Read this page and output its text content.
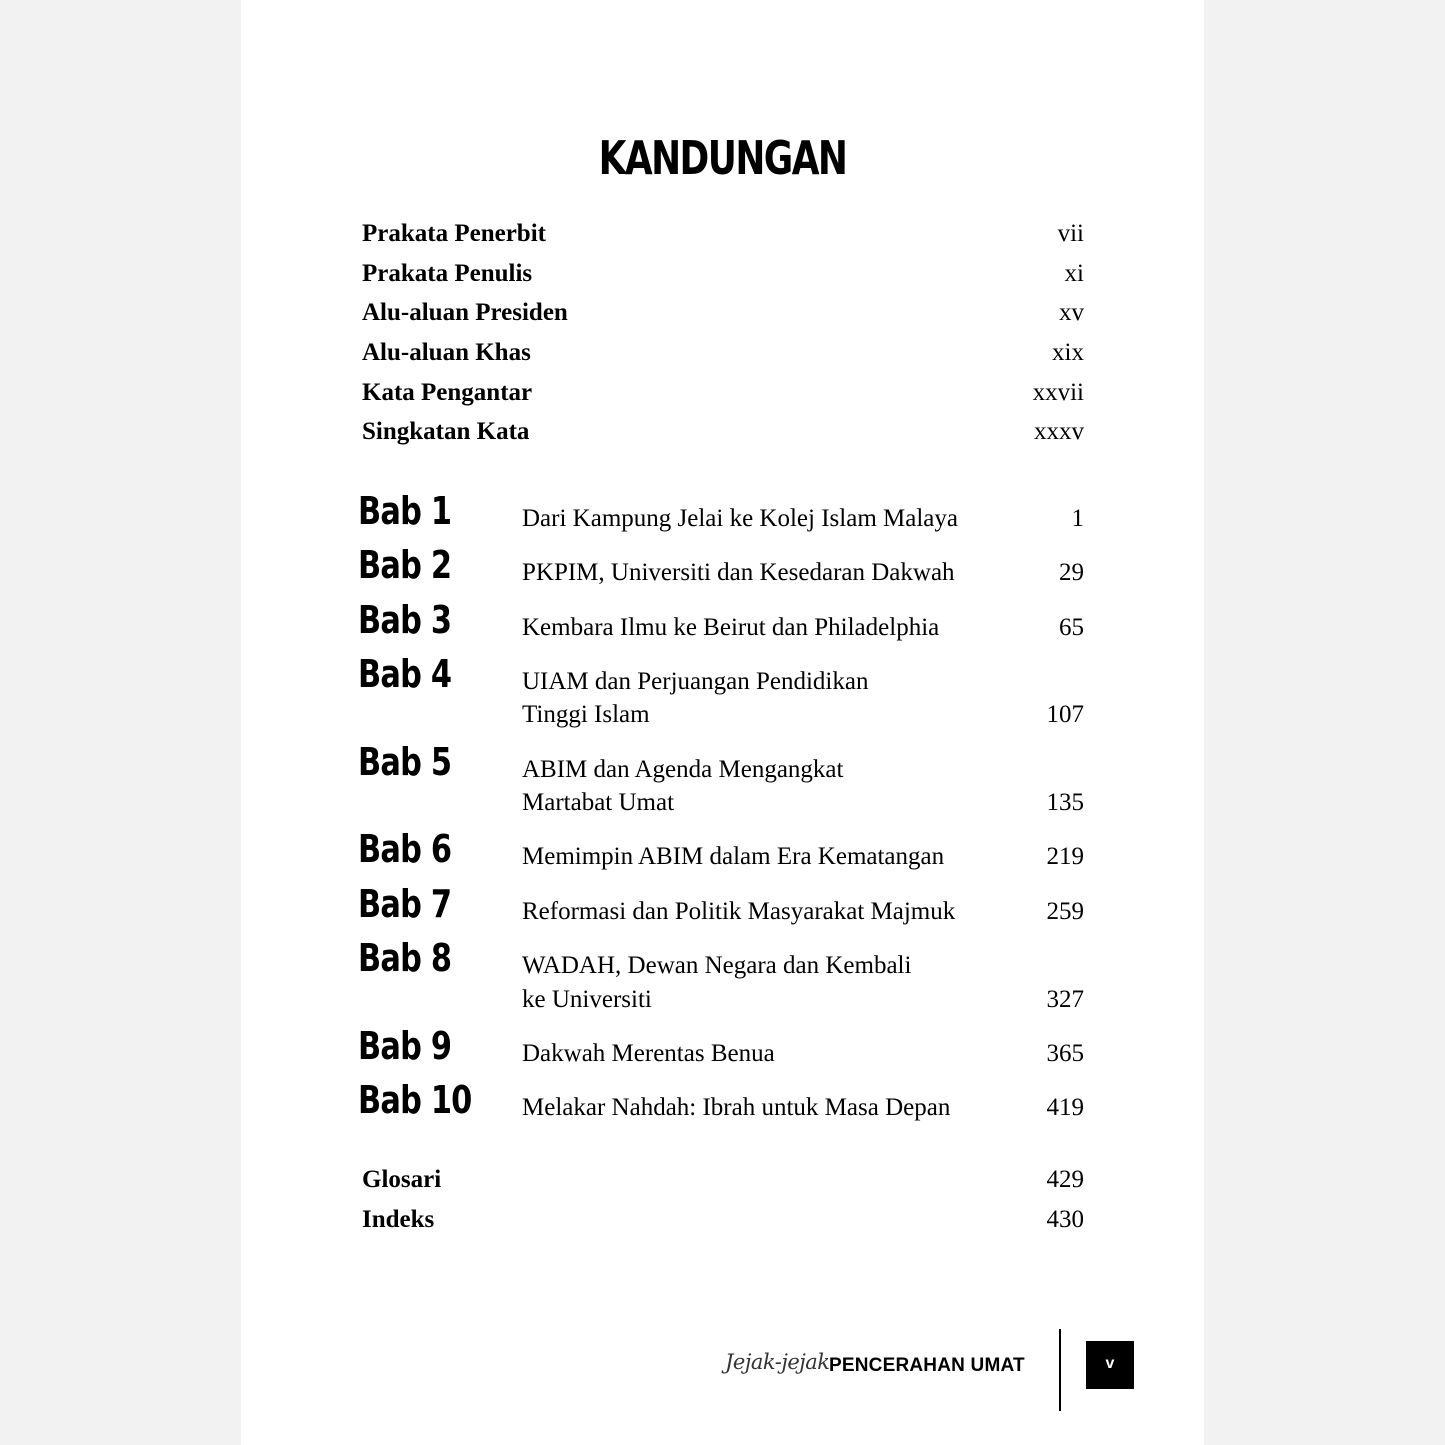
KANDUNGAN
Prakata Penerbit	vii
Prakata Penulis	xi
Alu-aluan Presiden	xv
Alu-aluan Khas	xix
Kata Pengantar	xxvii
Singkatan Kata	xxxv
Bab 1	Dari Kampung Jelai ke Kolej Islam Malaya	1
Bab 2	PKPIM, Universiti dan Kesedaran Dakwah	29
Bab 3	Kembara Ilmu ke Beirut dan Philadelphia	65
Bab 4	UIAM dan Perjuangan Pendidikan
Tinggi Islam	107
Bab 5	ABIM dan Agenda Mengangkat
Martabat Umat	135
Bab 6	Memimpin ABIM dalam Era Kematangan	219
Bab 7	Reformasi dan Politik Masyarakat Majmuk	259
Bab 8	WADAH, Dewan Negara dan Kembali
ke Universiti	327
Bab 9	Dakwah Merentas Benua	365
Bab 10 Melakar Nahdah: Ibrah untuk Masa Depan	419
Glosari	429
Indeks	430
Jejak-jejak PENCERAHAN UMAT	v
